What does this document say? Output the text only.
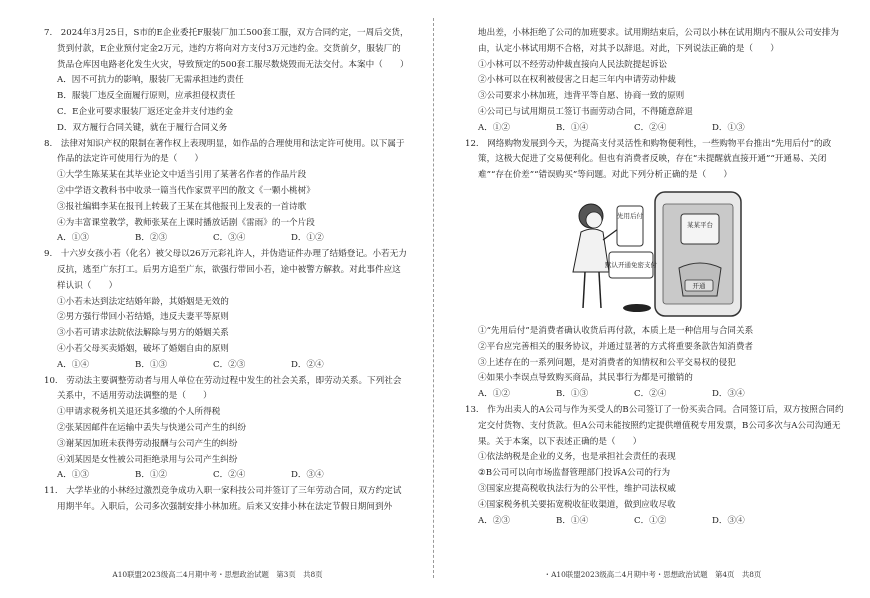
7.　2024年3月25日，S市的E企业委托F服装厂加工500套工服，双方合同约定，一周后交货，货到付款，E企业预付定金2万元，违约方将向对方支付3万元违约金。交货前夕，服装厂的货品仓库因电路老化发生火灾，导致预定的500套工服尽数烧毁而无法交付。本案中（　　）

A．因不可抗力的影响，服装厂无需承担违约责任
B．服装厂违反全面履行原则，应承担侵权责任
C．E企业可要求服装厂返还定金并支付违约金
D．双方履行合同关键，就在于履行合同义务

8.　法律对知识产权的限制在著作权上表现明显，如作品的合理使用和法定许可使用。以下属于作品的法定许可使用行为的是（　　）

①大学生陈某某在其毕业论文中适当引用了某著名作者的作品片段
②中学语文教科书中收录一篇当代作家贾平凹的散文《一颗小桃树》
③报社编辑李某在报刊上转载了王某在其他报刊上发表的一首诗歌
④为丰富课堂教学，教师张某在上课时播放话剧《雷雨》的一个片段
A．①③	B．②③	C．③④	D．①②

9.　十六岁女孩小若（化名）被父母以26万元彩礼许人，并伪造证件办理了结婚登记。小若无力反抗，逃至广东打工。后男方追至广东，欲强行带回小若，途中被警方解救。对此事件应这样认识（　　）

①小若未达到法定结婚年龄，其婚姻是无效的
②男方强行带回小若结婚，违反夫妻平等原则
③小若可请求法院依法解除与男方的婚姻关系
④小若父母买卖婚姻，破坏了婚姻自由的原则
A．①④	B．①③	C．②③	D．②④

10.　劳动法主要调整劳动者与用人单位在劳动过程中发生的社会关系，即劳动关系。下列社会关系中，不适用劳动法调整的是（　　）

①甲请求税务机关退还其多缴的个人所得税
②张某因邮件在运输中丢失与快递公司产生的纠纷
③谢某因加班未获得劳动报酬与公司产生的纠纷
④刘某因是女性被公司拒绝录用与公司产生纠纷
A．①③	B．①②	C．②④	D．③④

11.　大学毕业的小林经过激烈竞争成功入职一家科技公司并签订了三年劳动合同，双方约定试用期半年。入职后，公司多次强制安排小林加班。后来又安排小林在法定节假日期间到外

A10联盟2023级高二4月期中考・思想政治试题　第3页　共8页

地出差，小林拒绝了公司的加班要求。试用期结束后，公司以小林在试用期内不服从公司安排为由，认定小林试用期不合格，对其予以辞退。对此，下列说法正确的是（　　）

①小林可以不经劳动仲裁直接向人民法院提起诉讼
②小林可以在权利被侵害之日起三年内申请劳动仲裁
③公司要求小林加班，违背平等自愿、协商一致的原则
④公司已与试用期员工签订书面劳动合同，不得随意辞退
A．①②	B．①④	C．②④	D．①③

12.　网络购物发展到今天，为提高支付灵活性和购物便利性，一些购物平台推出“先用后付”的政策，这极大促进了交易便利化。但也有消费者反映，存在“未提醒就直接开通”“开通易、关闭难”“存在价差”“错误购买”等问题。对此下列分析正确的是（　　）

某某平台
开通
先用后付
默认开通免密支付
①“先用后付”是消费者确认收货后再付款，本质上是一种信用与合同关系
②平台应完善相关的服务协议，并通过显著的方式将重要条款告知消费者
③上述存在的一系列问题，是对消费者的知情权和公平交易权的侵犯
④如果小李误点导致购买商品，其民事行为都是可撤销的
A．①②	B．①③	C．②④	D．③④

13.　作为出卖人的A公司与作为买受人的B公司签订了一份买卖合同。合同签订后，双方按照合同约定交付货物、支付货款。但A公司未能按照约定提供增值税专用发票，B公司多次与A公司沟通无果。关于本案，以下表述正确的是（　　）

①依法纳税是企业的义务，也是承担社会责任的表现
②B公司可以向市场监督管理部门投诉A公司的行为
③国家应提高税收执法行为的公平性，维护司法权威
④国家税务机关要拓宽税收征收渠道，做到应收尽收
A．②③	B．①④	C．①②	D．③④
・A10联盟2023级高二4月期中考・思想政治试题　第4页　共8页
